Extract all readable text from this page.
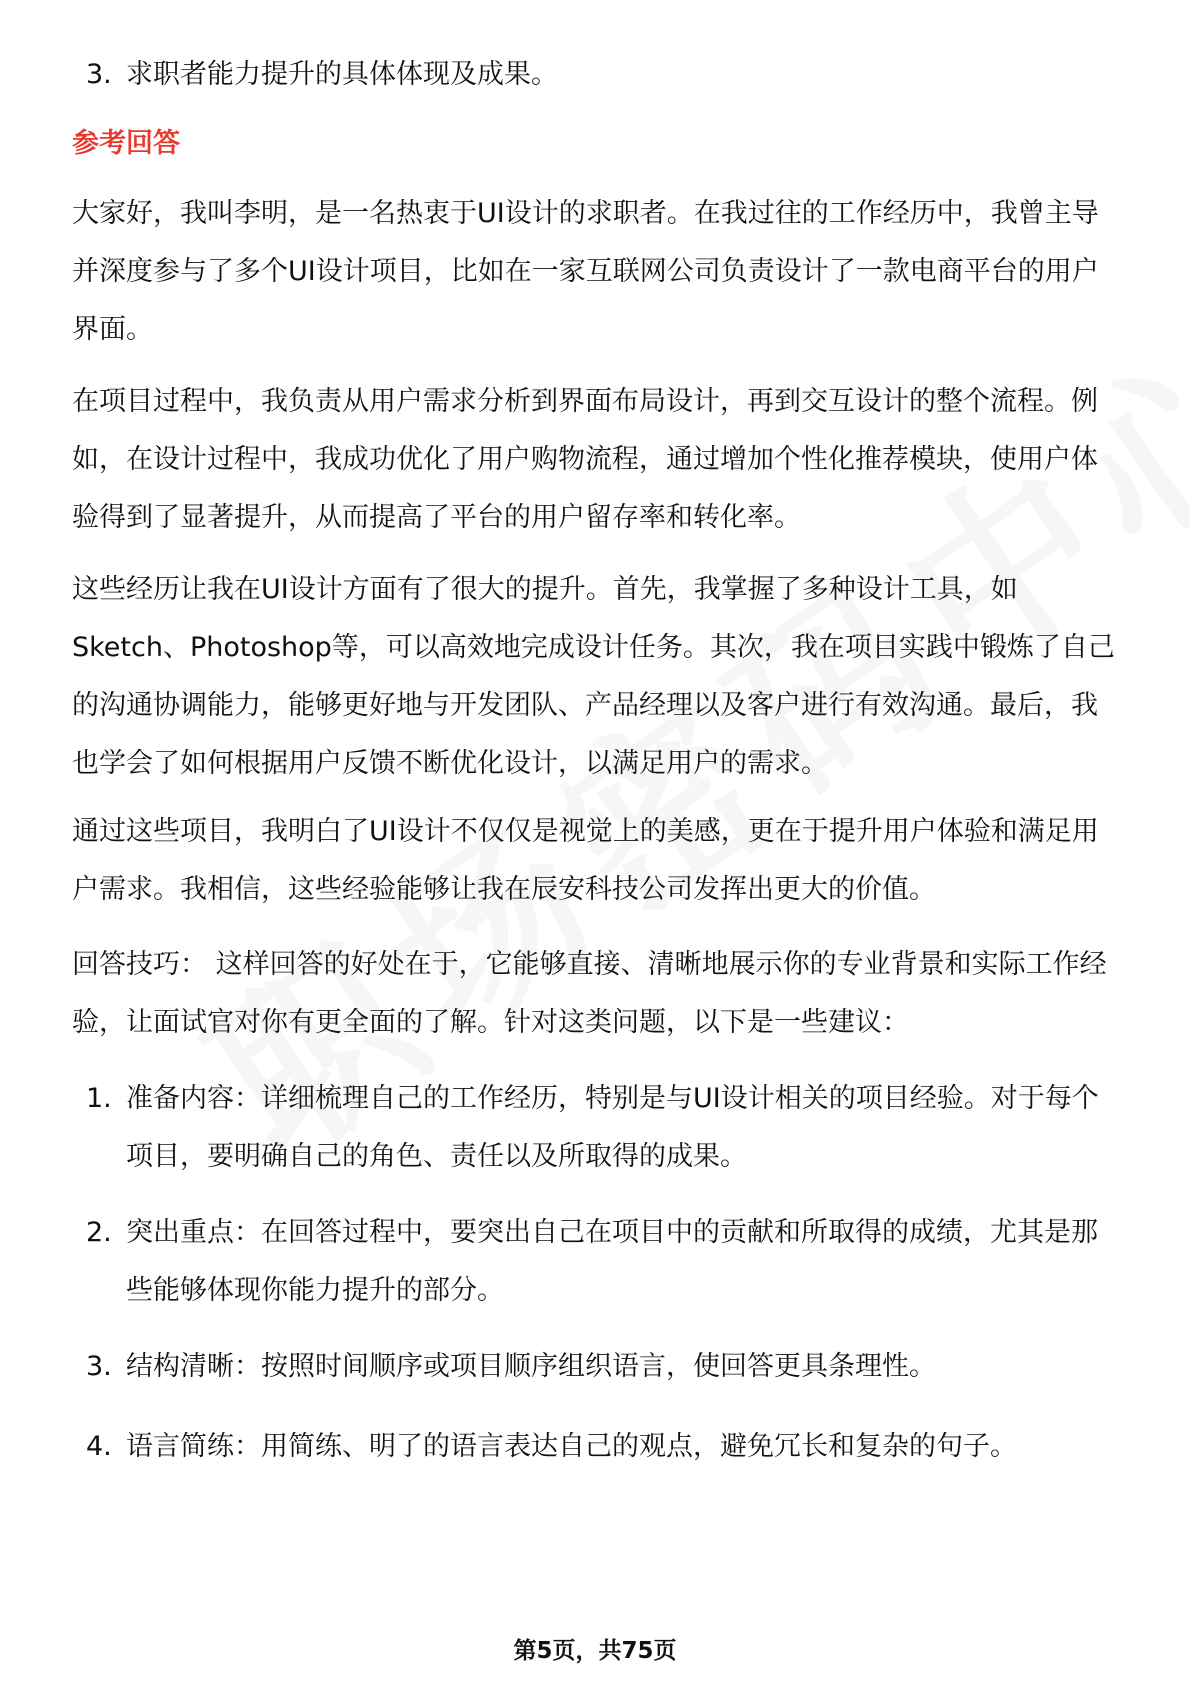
3. 求职者能力提升的具体体现及成果。
参考回答
大家好，我叫李明，是一名热衷于UI设计的求职者。在我过往的工作经历中，我曾主导并深度参与了多个UI设计项目，比如在一家互联网公司负责设计了一款电商平台的用户界面。
在项目过程中，我负责从用户需求分析到界面布局设计，再到交互设计的整个流程。例如，在设计过程中，我成功优化了用户购物流程，通过增加个性化推荐模块，使用户体验得到了显著提升，从而提高了平台的用户留存率和转化率。
这些经历让我在UI设计方面有了很大的提升。首先，我掌握了多种设计工具，如Sketch、Photoshop等，可以高效地完成设计任务。其次，我在项目实践中锻炼了自己的沟通协调能力，能够更好地与开发团队、产品经理以及客户进行有效沟通。最后，我也学会了如何根据用户反馈不断优化设计，以满足用户的需求。
通过这些项目，我明白了UI设计不仅仅是视觉上的美感，更在于提升用户体验和满足用户需求。我相信，这些经验能够让我在辰安科技公司发挥出更大的价值。
回答技巧： 这样回答的好处在于，它能够直接、清晰地展示你的专业背景和实际工作经验，让面试官对你有更全面的了解。针对这类问题，以下是一些建议：
1. 准备内容：详细梳理自己的工作经历，特别是与UI设计相关的项目经验。对于每个项目，要明确自己的角色、责任以及所取得的成果。
2. 突出重点：在回答过程中，要突出自己在项目中的贡献和所取得的成绩，尤其是那些能够体现你能力提升的部分。
3. 结构清晰：按照时间顺序或项目顺序组织语言，使回答更具条理性。
4. 语言简练：用简练、明了的语言表达自己的观点，避免冗长和复杂的句子。
第5页，共75页
